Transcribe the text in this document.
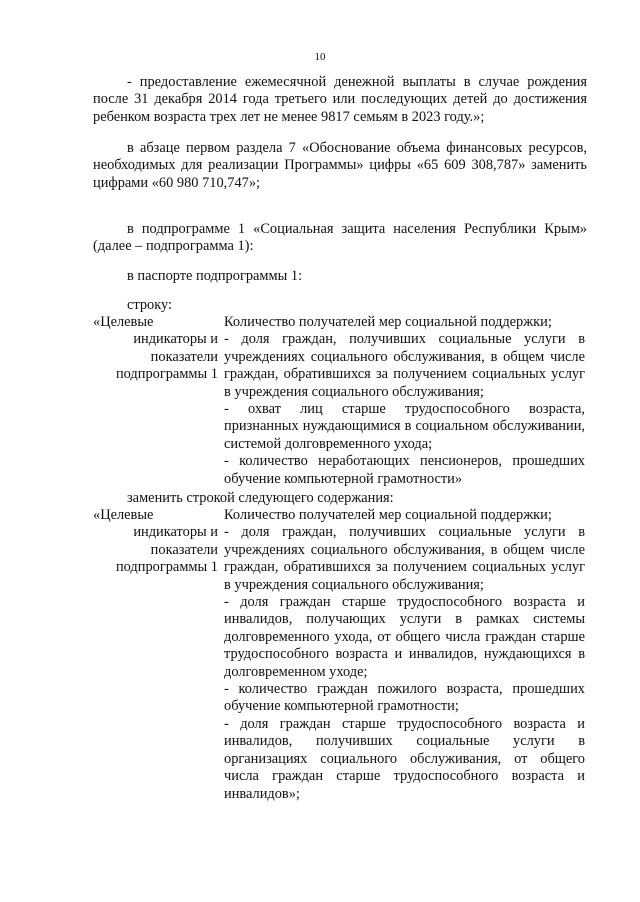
10

- предоставление ежемесячной денежной выплаты в случае рождения после 31 декабря 2014 года третьего или последующих детей до достижения ребенком возраста трех лет не менее 9817 семьям в 2023 году.»;

в абзаце первом раздела 7 «Обоснование объема финансовых ресурсов, необходимых для реализации Программы» цифры «65 609 308,787» заменить цифрами «60 980 710,747»;

в подпрограмме 1 «Социальная защита населения Республики Крым» (далее – подпрограмма 1):

в паспорте подпрограммы 1:

строку:

«Целевые
индикаторы и
показатели
подпрограммы 1
Количество получателей мер социальной поддержки;
- доля граждан, получивших социальные услуги в учреждениях социального обслуживания, в общем числе граждан, обратившихся за получением социальных услуг в учреждения социального обслуживания;
- охват лиц старше трудоспособного возраста, признанных нуждающимися в социальном обслуживании, системой долговременного ухода;
- количество неработающих пенсионеров, прошедших обучение компьютерной грамотности»

заменить строкой следующего содержания:

«Целевые
индикаторы и
показатели
подпрограммы 1
Количество получателей мер социальной поддержки;
- доля граждан, получивших социальные услуги в учреждениях социального обслуживания, в общем числе граждан, обратившихся за получением социальных услуг в учреждения социального обслуживания;
- доля граждан старше трудоспособного возраста и инвалидов, получающих услуги в рамках системы долговременного ухода, от общего числа граждан старше трудоспособного возраста и инвалидов, нуждающихся в долговременном уходе;
- количество граждан пожилого возраста, прошедших обучение компьютерной грамотности;
- доля граждан старше трудоспособного возраста и инвалидов, получивших социальные услуги в организациях социального обслуживания, от общего числа граждан старше трудоспособного возраста и инвалидов»;
